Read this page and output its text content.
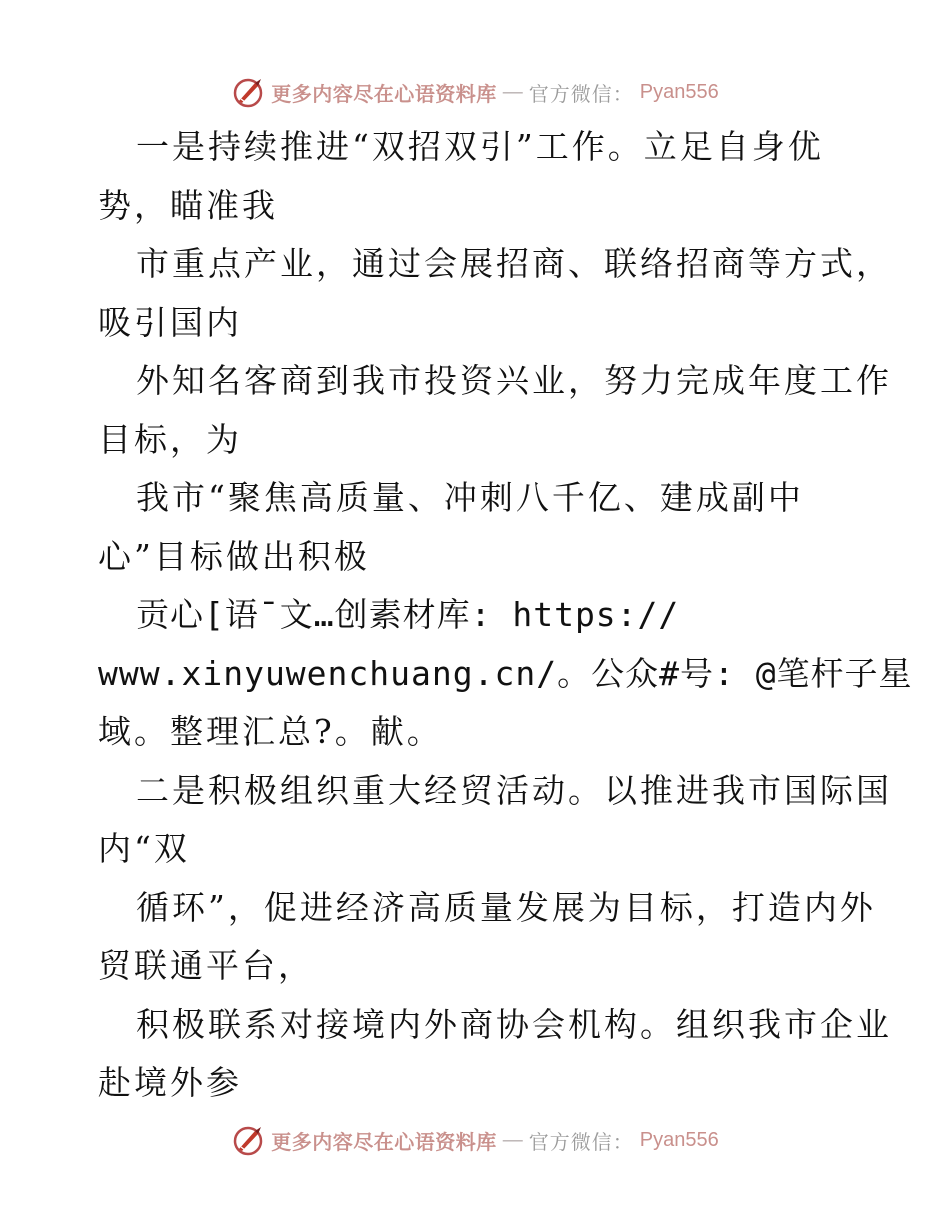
更多内容尽在心语资料库 — 官方微信： Pyan556
一是持续推进“双招双引”工作。立足自身优
势，瞄准我
市重点产业，通过会展招商、联络招商等方式，
吸引国内
外知名客商到我市投资兴业，努力完成年度工作
目标，为
我市“聚焦高质量、冲刺八千亿、建成副中
心”目标做出积极
贡心[语¯文…创素材库: https://
www.xinyuwenchuang.cn/。公众#号: @笔杆子星
域。整理汇总?。献。
二是积极组织重大经贸活动。以推进我市国际国
内“双
循环”，促进经济高质量发展为目标，打造内外
贸联通平台，
积极联系对接境内外商协会机构。组织我市企业
赴境外参
更多内容尽在心语资料库 — 官方微信： Pyan556
